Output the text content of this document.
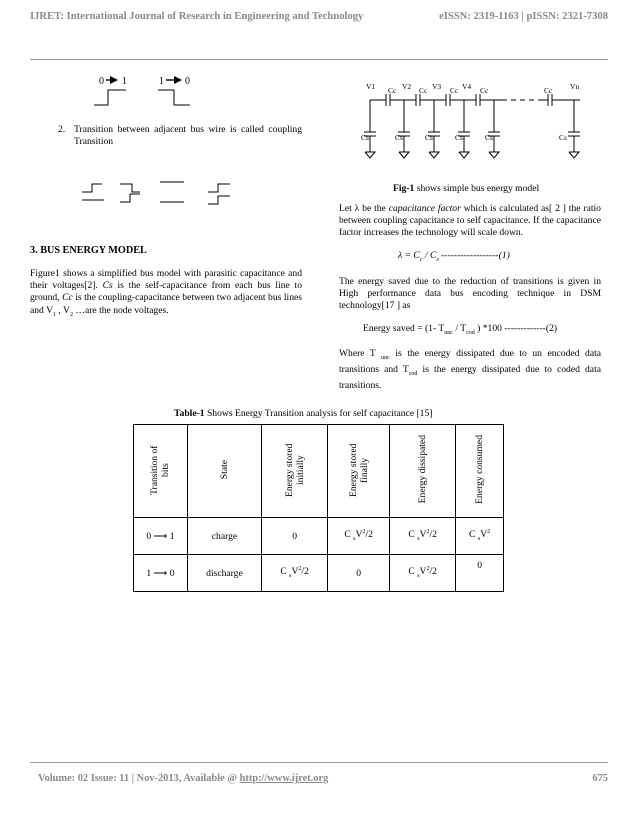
IJRET: International Journal of Research in Engineering and Technology	eISSN: 2319-1163 | pISSN: 2321-7308
0 1	1 0
2. Transition between adjacent bus wire is called coupling Transition
3. BUS ENERGY MODEL
Figure1 shows a simplified bus model with parasitic capacitance and their voltages[2]. Cs is the self-capacitance from each bus line to ground, Cc is the coupling-capacitance between two adjacent bus lines and $V_1$ , $V_2$ …are the node voltages.
V1 Cc V2 Cc V3 Cc V4 Cc	Cc Vn
Cs	Cs	Cs	Cs	Cs	Cs
Fig-1 shows simple bus energy model
Let λ be the capacitance factor which is calculated as[ 2 ] the ratio between coupling capacitance to self capacitance. If the capacitance factor increases the technology will scale down.
$\lambda = C_c / C_s$ ------------------(1)
The energy saved due to the reduction of transitions is given in High performance data bus encoding technique in DSM technology[17 ] as
Energy saved = (1- $T_{unc} / T_{cod}$ ) *100 -------------(2)
Where T $_{unc}$ is the energy dissipated due to un encoded data transitions and $T_{cod}$ is the energy dissipated due to coded data transitions.
Table-1 Shows Energy Transition analysis for self capacitance [15]
Transition of bits	State	Energy stored initially	Energy stored finally	Energy dissipated	Energy consumed
0 ⟶ 1	charge	0	C $_sV^2/2$	C $_sV^2/2$	C $_sV^2$
1 ⟶ 0	discharge	C $_sV^2/2$	0	C $_sV^2/2$	0
Volume: 02 Issue: 11 | Nov-2013, Available @ http://www.ijret.org	675
